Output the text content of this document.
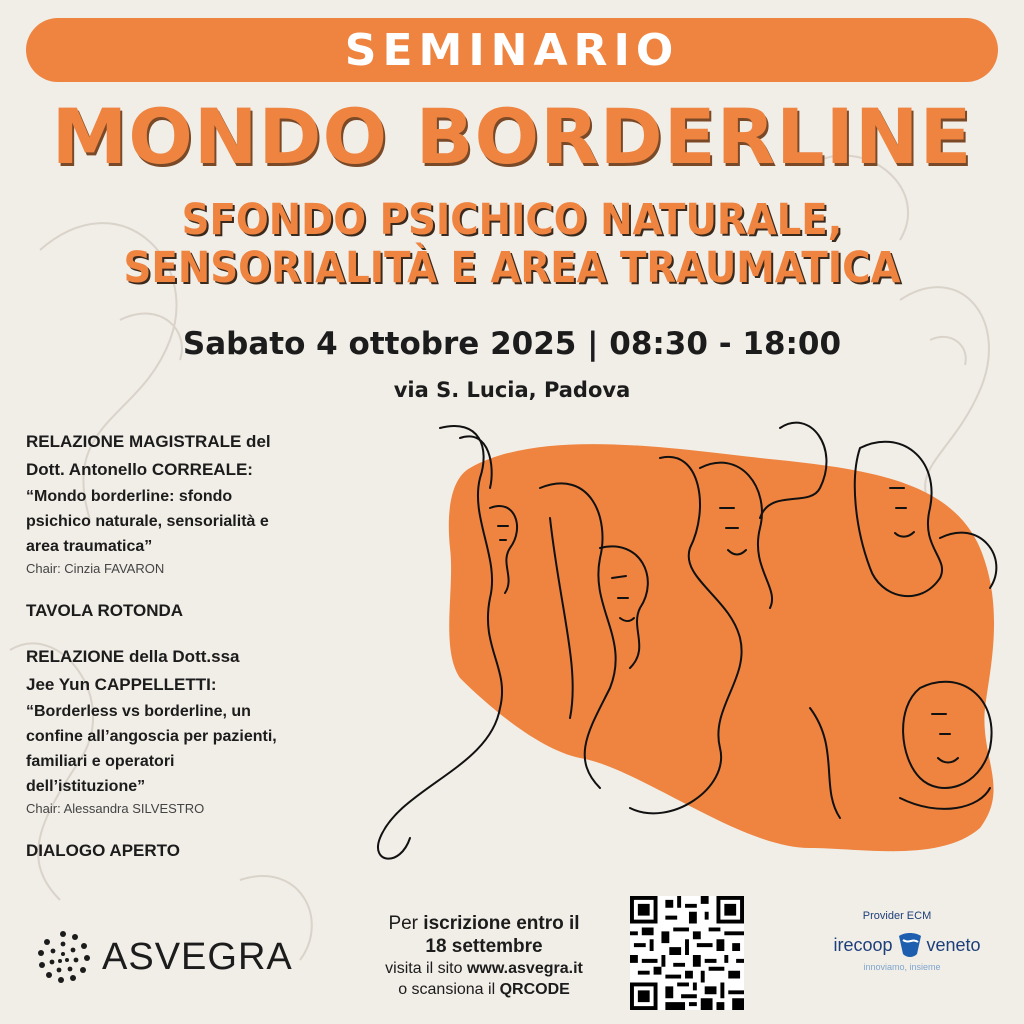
SEMINARIO
MONDO BORDERLINE
SFONDO PSICHICO NATURALE,
SENSORIALITÀ E AREA TRAUMATICA
Sabato 4 ottobre 2025 | 08:30 - 18:00
via S. Lucia, Padova
RELAZIONE MAGISTRALE del
Dott. Antonello CORREALE:
“Mondo borderline: sfondo
psichico naturale, sensorialità e
area traumatica”
Chair: Cinzia FAVARON
TAVOLA ROTONDA
RELAZIONE della Dott.ssa
Jee Yun CAPPELLETTI:
“Borderless vs borderline, un
confine all’angoscia per pazienti,
familiari e operatori
dell’istituzione”
Chair: Alessandra SILVESTRO
DIALOGO APERTO
ASVEGRA
Per iscrizione entro il
18 settembre
visita il sito www.asvegra.it
o scansiona il QRCODE
Provider ECM
irecoop veneto
innoviamo, insieme
